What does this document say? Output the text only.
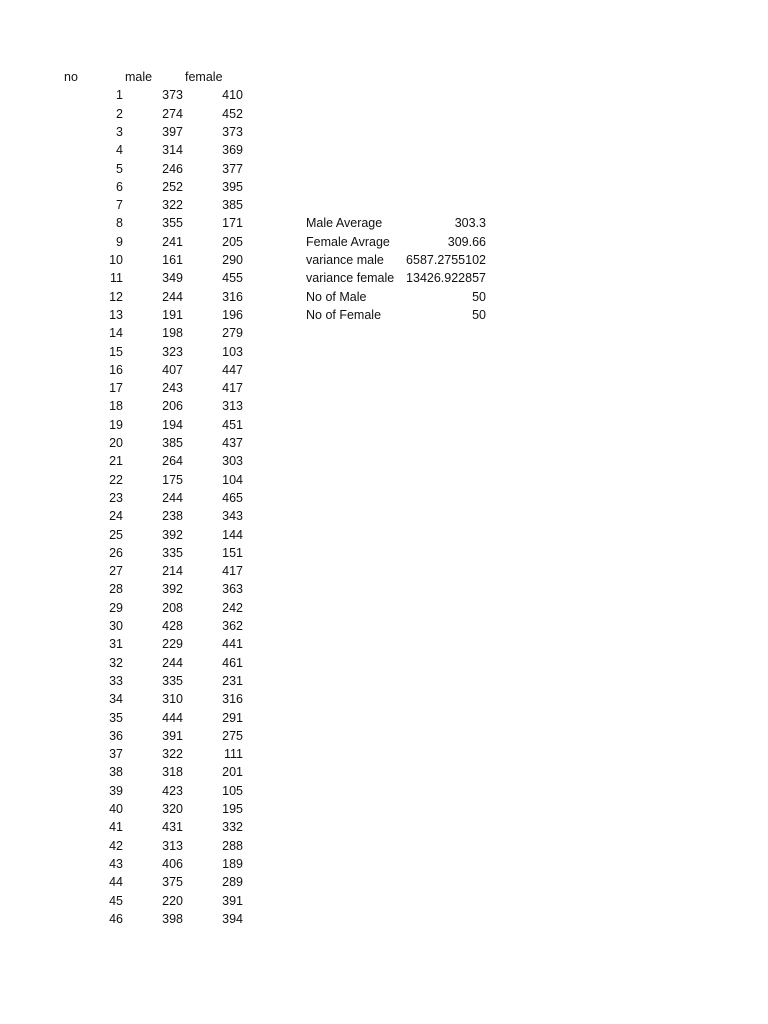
no	male	female
1	373	410
2	274	452
3	397	373
4	314	369
5	246	377
6	252	395
7	322	385
8	355	171
9	241	205
10	161	290
11	349	455
12	244	316
13	191	196
14	198	279
15	323	103
16	407	447
17	243	417
18	206	313
19	194	451
20	385	437
21	264	303
22	175	104
23	244	465
24	238	343
25	392	144
26	335	151
27	214	417
28	392	363
29	208	242
30	428	362
31	229	441
32	244	461
33	335	231
34	310	316
35	444	291
36	391	275
37	322	111
38	318	201
39	423	105
40	320	195
41	431	332
42	313	288
43	406	189
44	375	289
45	220	391
46	398	394
Male Average	303.3
Female Avrage	309.66
variance male	6587.2755102
variance female 13426.922857
No of Male	50
No of Female	50
